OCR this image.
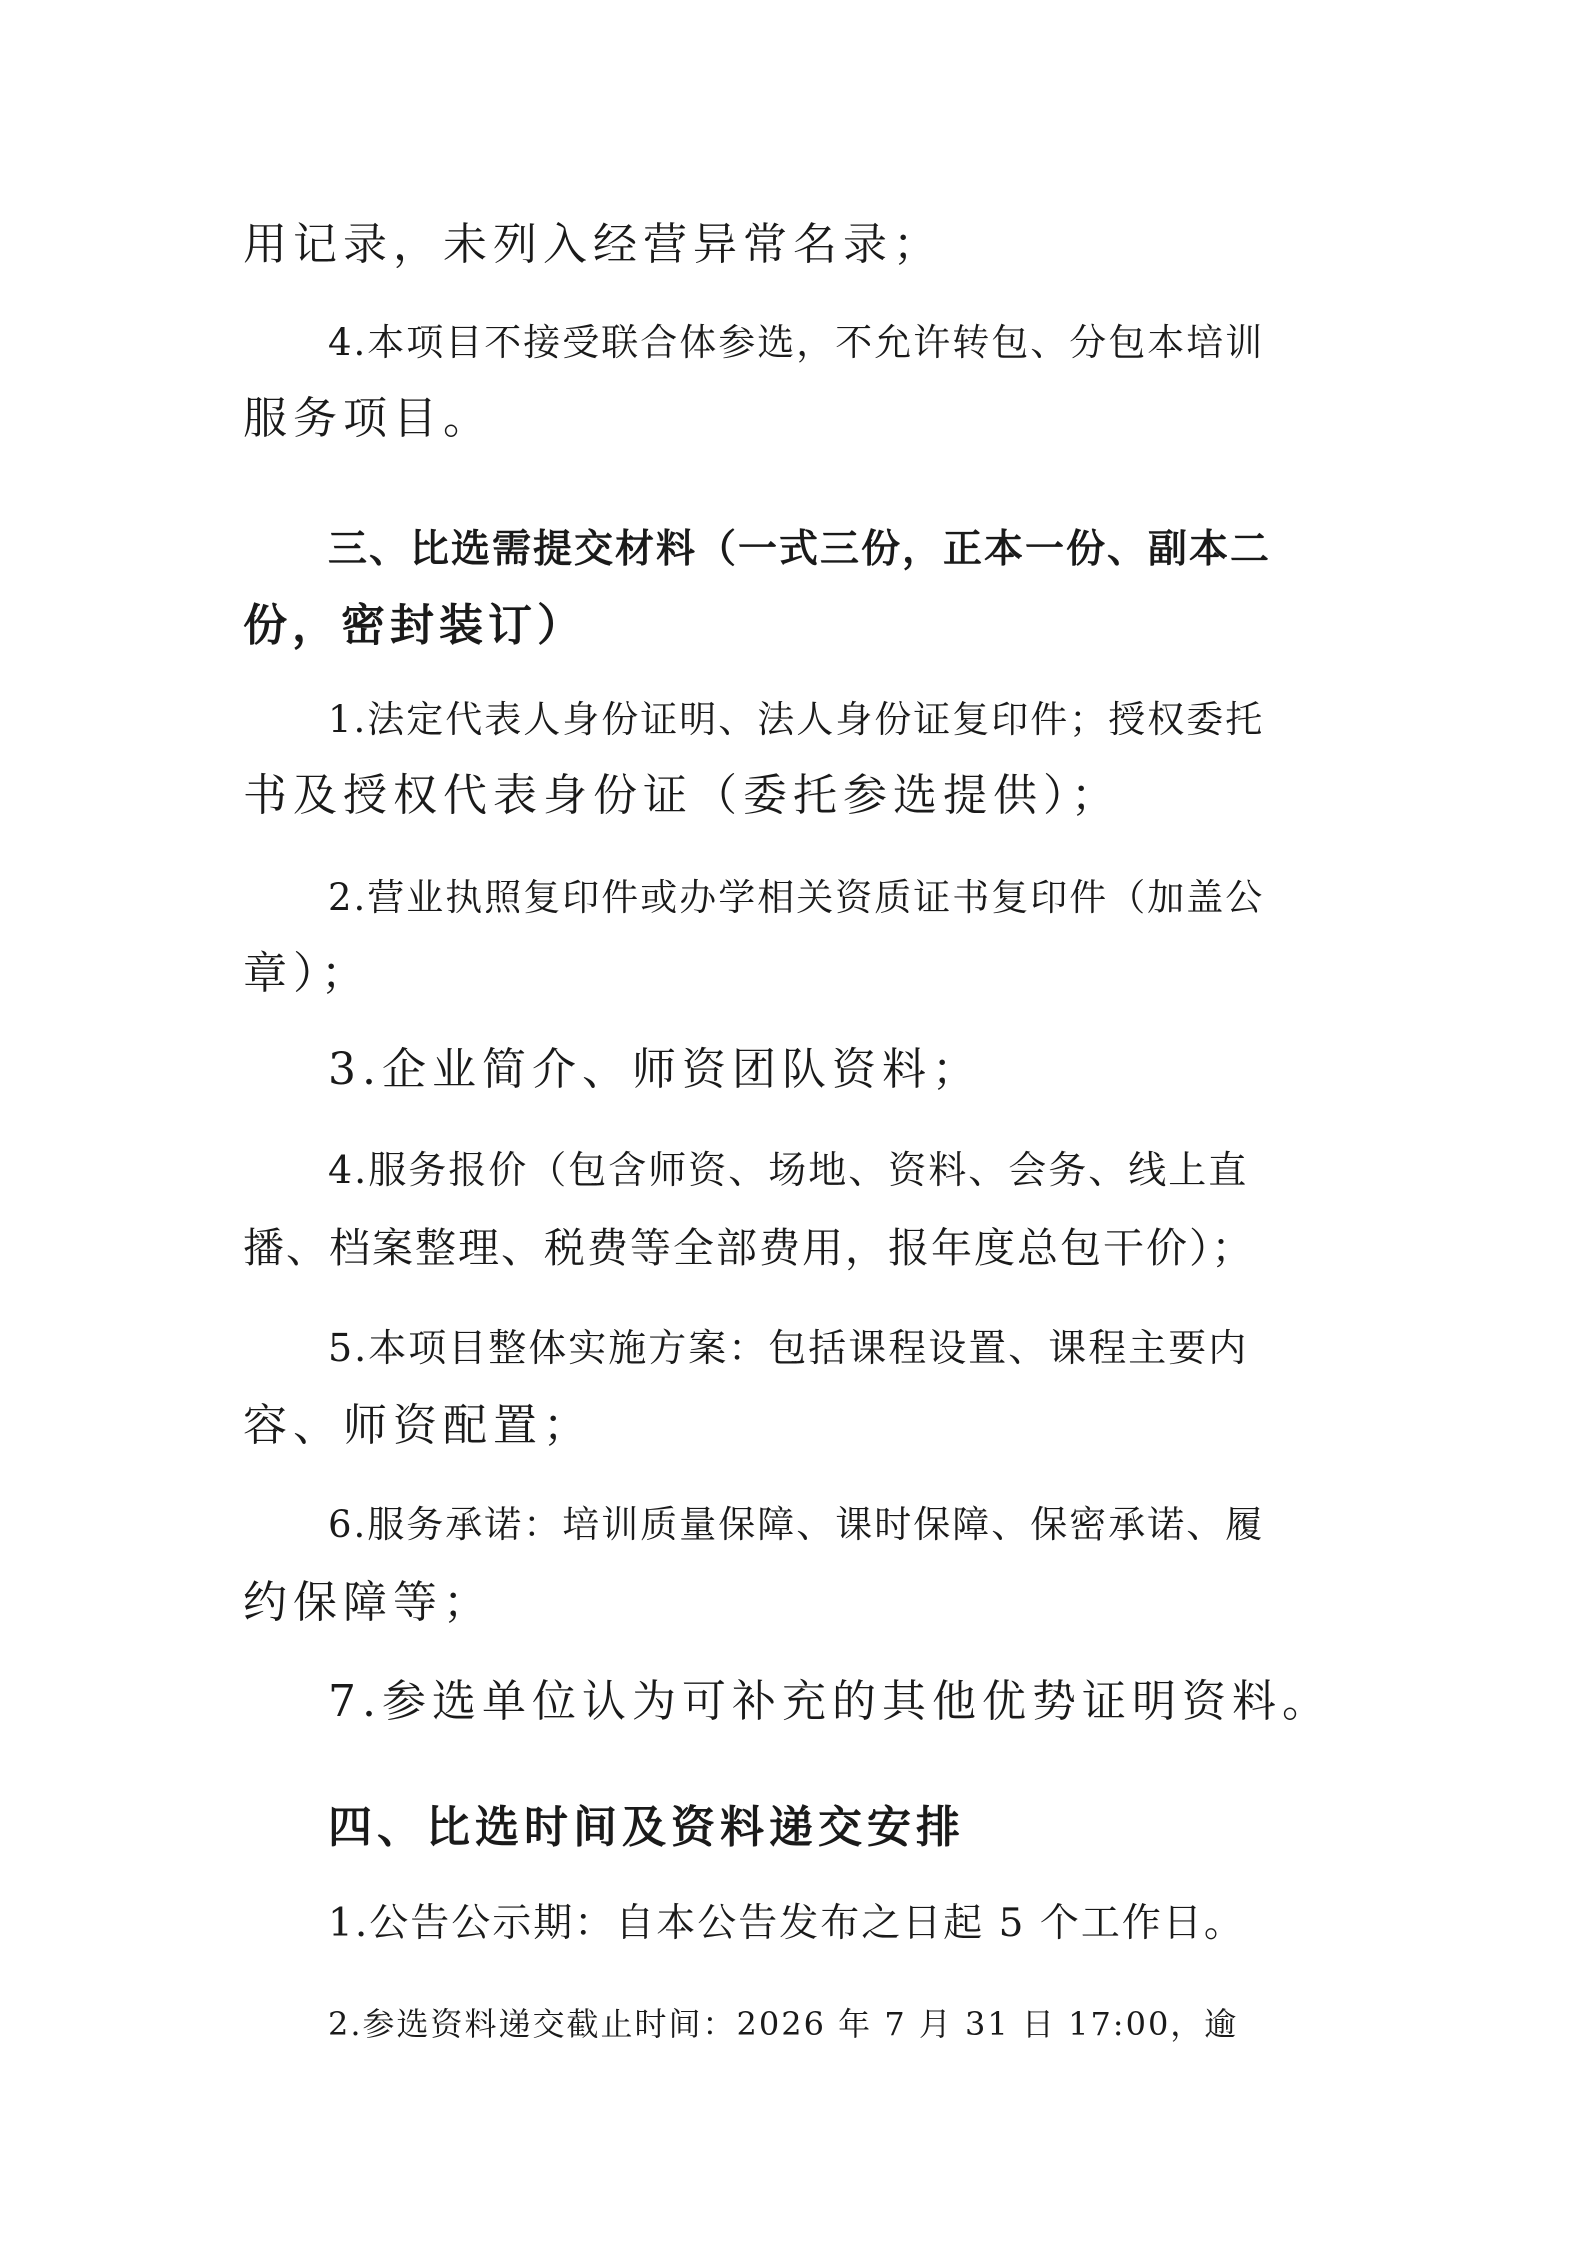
用记录，未列入经营异常名录；
4.本项目不接受联合体参选，不允许转包、分包本培训
服务项目。
三、比选需提交材料（一式三份，正本一份、副本二
份，密封装订）
1.法定代表人身份证明、法人身份证复印件；授权委托
书及授权代表身份证（委托参选提供）；
2.营业执照复印件或办学相关资质证书复印件（加盖公
章）；
3.企业简介、师资团队资料；
4.服务报价（包含师资、场地、资料、会务、线上直
播、档案整理、税费等全部费用，报年度总包干价）；
5.本项目整体实施方案：包括课程设置、课程主要内
容、师资配置；
6.服务承诺：培训质量保障、课时保障、保密承诺、履
约保障等；
7.参选单位认为可补充的其他优势证明资料。
四、比选时间及资料递交安排
1.公告公示期：自本公告发布之日起 5 个工作日。
2.参选资料递交截止时间：2026 年 7 月 31 日 17:00，逾
